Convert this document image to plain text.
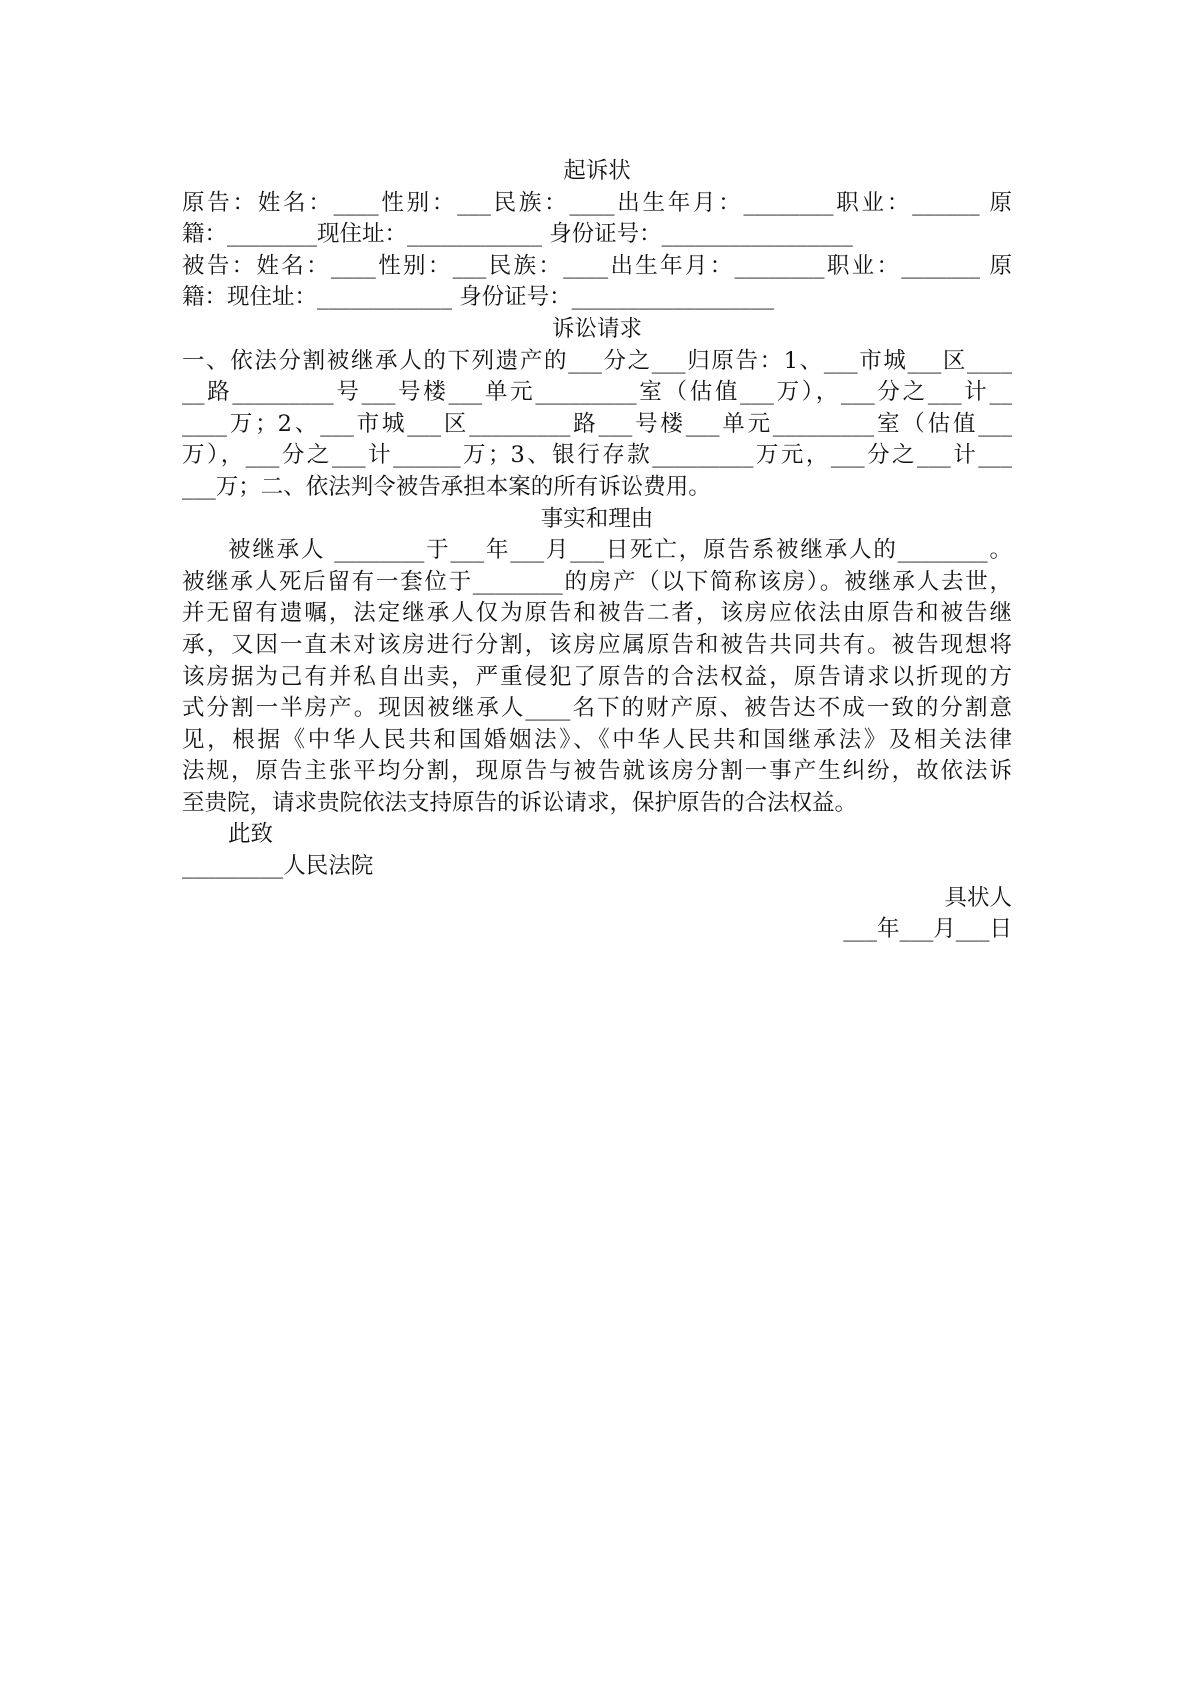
起诉状
原告：姓名：____性别：___民族：____出生年月：________职业：______ 原
籍：________现住址：____________ 身份证号：_________________
被告：姓名：____性别：___民族：____出生年月：________职业：_______ 原
籍：现住址：____________ 身份证号：__________________
诉讼请求
一、依法分割被继承人的下列遗产的___分之___归原告：1、___市城___区____
__路_________号___号楼___单元_________室（估值___万），___分之___计__
____万；2、___市城___区_________路___号楼___单元_________室（估值___
万），___分之___计______万；3、银行存款_________万元，___分之___计___
___万；二、依法判令被告承担本案的所有诉讼费用。
事实和理由
被继承人 ________于___年___月___日死亡，原告系被继承人的________。
被继承人死后留有一套位于________的房产（以下简称该房）。被继承人去世，
并无留有遗嘱，法定继承人仅为原告和被告二者，该房应依法由原告和被告继
承，又因一直未对该房进行分割，该房应属原告和被告共同共有。被告现想将
该房据为己有并私自出卖，严重侵犯了原告的合法权益，原告请求以折现的方
式分割一半房产。现因被继承人____名下的财产原、被告达不成一致的分割意
见，根据《中华人民共和国婚姻法》、《中华人民共和国继承法》及相关法律
法规，原告主张平均分割，现原告与被告就该房分割一事产生纠纷，故依法诉
至贵院，请求贵院依法支持原告的诉讼请求，保护原告的合法权益。
此致
_________人民法院
具状人
___年___月___日
